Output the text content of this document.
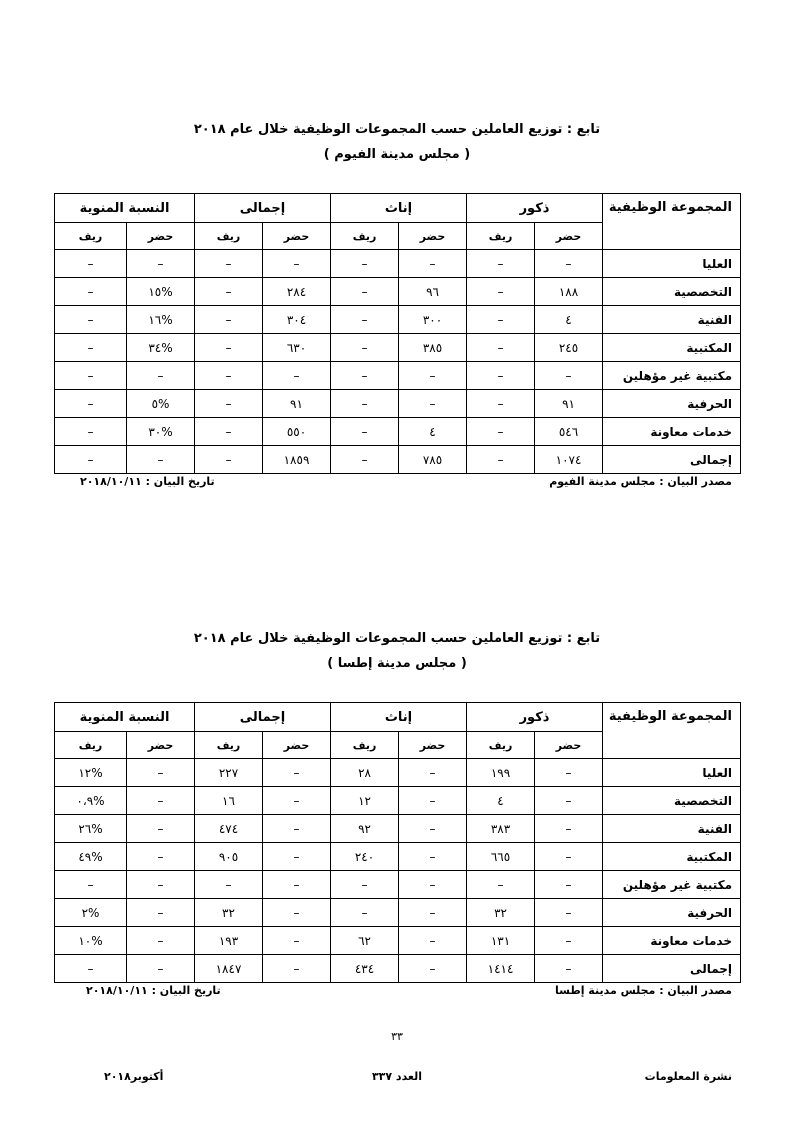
تابع : توزيع العاملين حسب المجموعات الوظيفية خلال عام ٢٠١٨
( مجلس مدينة الفيوم )
المجموعة الوظيفية	ذكور		إناث		إجمالى		النسبة المنوية	
	حضر	ريف	حضر	ريف	حضر	ريف	حضر	ريف
العليا	–	–	–	–	–	–	–	–
التخصصية	١٨٨	–	٩٦	–	٢٨٤	–	%١٥	–
الفنية	٤	–	٣٠٠	–	٣٠٤	–	%١٦	–
المكتبية	٢٤٥	–	٣٨٥	–	٦٣٠	–	%٣٤	–
مكتبية غير مؤهلين	–	–	–	–	–	–	–	–
الحرفية	٩١	–	–	–	٩١	–	%٥	–
خدمات معاونة	٥٤٦	–	٤	–	٥٥٠	–	%٣٠	–
إجمالى	١٠٧٤	–	٧٨٥	–	١٨٥٩	–	–	–
مصدر البيان : مجلس مدينة الفيوم
تاريخ البيان : ٢٠١٨/١٠/١١
تابع : توزيع العاملين حسب المجموعات الوظيفية خلال عام ٢٠١٨
( مجلس مدينة إطسا )
المجموعة الوظيفية	ذكور		إناث		إجمالى		النسبة المنوية	
	حضر	ريف	حضر	ريف	حضر	ريف	حضر	ريف
العليا	–	١٩٩	–	٢٨	–	٢٢٧	–	%١٢
التخصصية	–	٤	–	١٢	–	١٦	–	%٠،٩
الفنية	–	٣٨٣	–	٩٢	–	٤٧٤	–	%٢٦
المكتبية	–	٦٦٥	–	٢٤٠	–	٩٠٥	–	%٤٩
مكتبية غير مؤهلين	–	–	–	–	–	–	–	–
الحرفية	–	٣٢	–	–	–	٣٢	–	%٢
خدمات معاونة	–	١٣١	–	٦٢	–	١٩٣	–	%١٠
إجمالى	–	١٤١٤	–	٤٣٤	–	١٨٤٧	–	–
مصدر البيان : مجلس مدينة إطسا
تاريخ البيان : ٢٠١٨/١٠/١١
٣٣
نشرة المعلومات
العدد ٣٣٧
أكتوبر٢٠١٨
